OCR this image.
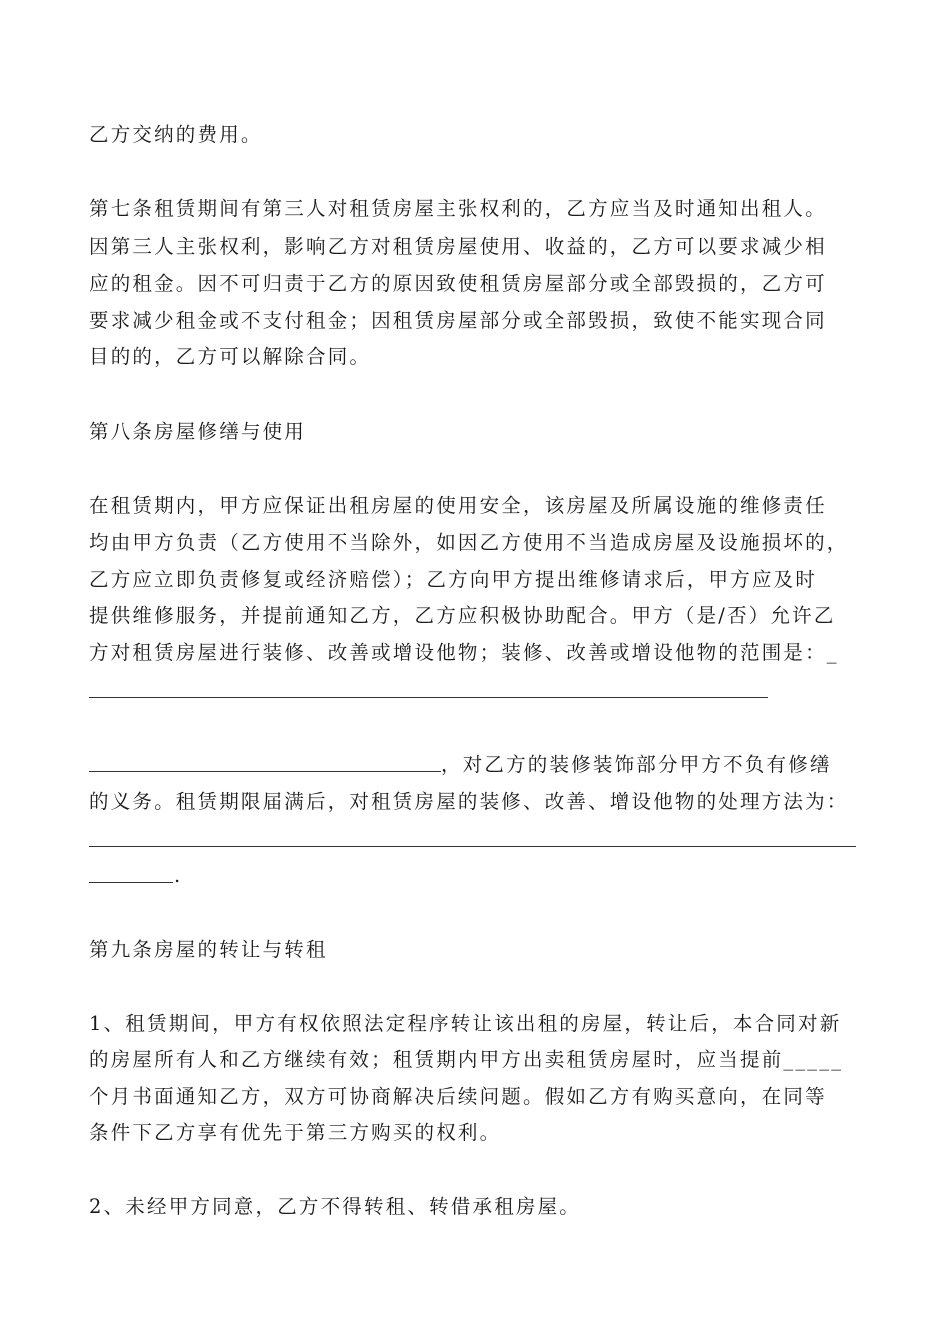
乙方交纳的费用。
第七条租赁期间有第三人对租赁房屋主张权利的，乙方应当及时通知出租人。
因第三人主张权利，影响乙方对租赁房屋使用、收益的，乙方可以要求减少相
应的租金。因不可归责于乙方的原因致使租赁房屋部分或全部毁损的，乙方可
要求减少租金或不支付租金；因租赁房屋部分或全部毁损，致使不能实现合同
目的的，乙方可以解除合同。
第八条房屋修缮与使用
在租赁期内，甲方应保证出租房屋的使用安全，该房屋及所属设施的维修责任
均由甲方负责（乙方使用不当除外，如因乙方使用不当造成房屋及设施损坏的，
乙方应立即负责修复或经济赔偿）；乙方向甲方提出维修请求后，甲方应及时
提供维修服务，并提前通知乙方，乙方应积极协助配合。甲方（是/否）允许乙
方对租赁房屋进行装修、改善或增设他物；装修、改善或增设他物的范围是：_
，对乙方的装修装饰部分甲方不负有修缮
的义务。租赁期限届满后，对租赁房屋的装修、改善、增设他物的处理方法为：
.
第九条房屋的转让与转租
1、租赁期间，甲方有权依照法定程序转让该出租的房屋，转让后，本合同对新
的房屋所有人和乙方继续有效；租赁期内甲方出卖租赁房屋时，应当提前_____
个月书面通知乙方，双方可协商解决后续问题。假如乙方有购买意向，在同等
条件下乙方享有优先于第三方购买的权利。
2、未经甲方同意，乙方不得转租、转借承租房屋。
